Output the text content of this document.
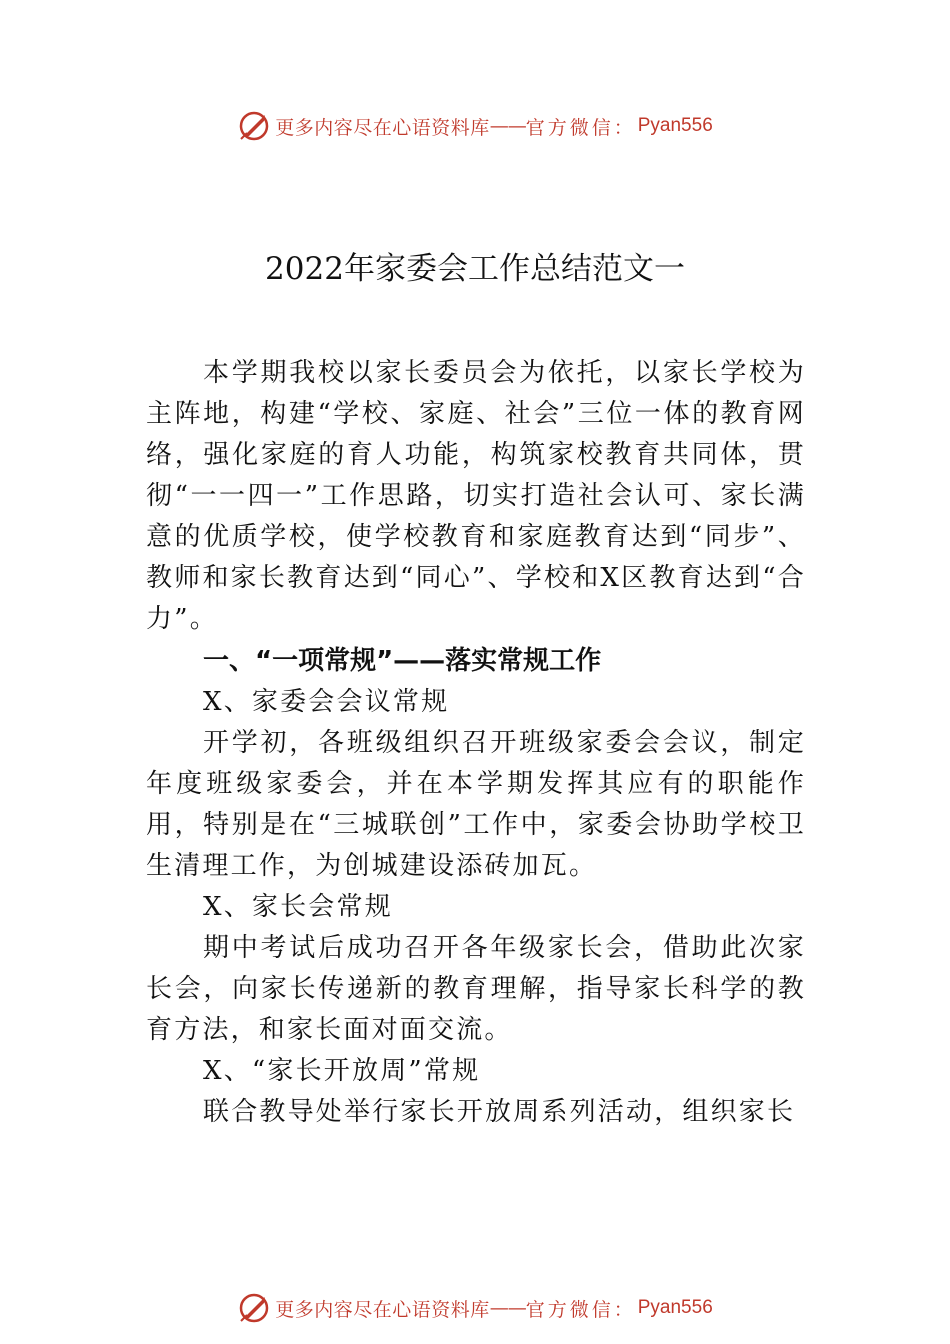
更多内容尽在心语资料库 —— 官方微信： Pyan556
2022年家委会工作总结范文一

本学期我校以家长委员会为依托，以家长学校为主阵地，构建“学校、家庭、社会”三位一体的教育网络，强化家庭的育人功能，构筑家校教育共同体，贯彻“一一四一”工作思路，切实打造社会认可、家长满意的优质学校，使学校教育和家庭教育达到“同步”、教师和家长教育达到“同心”、学校和X区教育达到“合力”。

一、“一项常规”——落实常规工作

X、家委会会议常规

开学初，各班级组织召开班级家委会会议，制定年度班级家委会，并在本学期发挥其应有的职能作用，特别是在“三城联创”工作中，家委会协助学校卫生清理工作，为创城建设添砖加瓦。

X、家长会常规

期中考试后成功召开各年级家长会，借助此次家长会，向家长传递新的教育理解，指导家长科学的教育方法，和家长面对面交流。

X、“家长开放周”常规

联合教导处举行家长开放周系列活动，组织家长

更多内容尽在心语资料库 —— 官方微信： Pyan556
